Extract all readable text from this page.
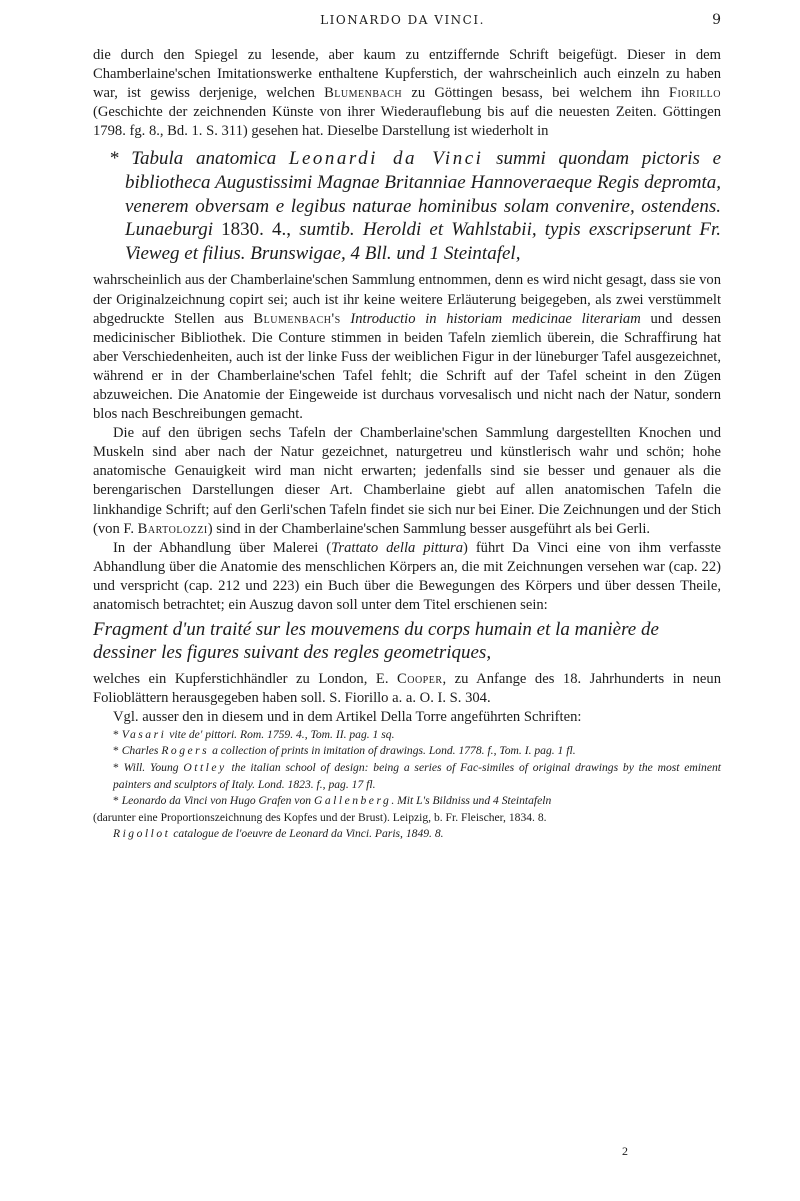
LIONARDO DA VINCI.	9

die durch den Spiegel zu lesende, aber kaum zu entziffernde Schrift beigefügt. Dieser in dem Chamberlaine'schen Imitationswerke enthaltene Kupferstich, der wahrscheinlich auch einzeln zu haben war, ist gewiss derjenige, welchen Blumenbach zu Göttingen besass, bei welchem ihn Fiorillo (Geschichte der zeichnenden Künste von ihrer Wiederauflebung bis auf die neuesten Zeiten. Göttingen 1798. fg. 8., Bd. 1. S. 311) gesehen hat. Dieselbe Darstellung ist wiederholt in

* Tabula anatomica Leonardi da Vinci summi quondam pictoris e bibliotheca Augustissimi Magnae Britanniae Hannoveraeque Regis depromta, venerem obversam e legibus naturae hominibus solam convenire, ostendens. Lunaeburgi 1830. 4., sumtib. Heroldi et Wahlstabii, typis exscripserunt Fr. Vieweg et filius. Brunswigae, 4 Bll. und 1 Steintafel,

wahrscheinlich aus der Chamberlaine'schen Sammlung entnommen, denn es wird nicht gesagt, dass sie von der Originalzeichnung copirt sei; auch ist ihr keine weitere Erläuterung beigegeben, als zwei verstümmelt abgedruckte Stellen aus Blumenbach's Introductio in historiam medicinae literariam und dessen medicinischer Bibliothek. Die Conture stimmen in beiden Tafeln ziemlich überein, die Schraffirung hat aber Verschiedenheiten, auch ist der linke Fuss der weiblichen Figur in der lüneburger Tafel ausgezeichnet, während er in der Chamberlaine'schen Tafel fehlt; die Schrift auf der Tafel scheint in den Zügen abzuweichen. Die Anatomie der Eingeweide ist durchaus vorvesalisch und nicht nach der Natur, sondern blos nach Beschreibungen gemacht.

Die auf den übrigen sechs Tafeln der Chamberlaine'schen Sammlung dargestellten Knochen und Muskeln sind aber nach der Natur gezeichnet, naturgetreu und künstlerisch wahr und schön; hohe anatomische Genauigkeit wird man nicht erwarten; jedenfalls sind sie besser und genauer als die berengarischen Darstellungen dieser Art. Chamberlaine giebt auf allen anatomischen Tafeln die linkhandige Schrift; auf den Gerli'schen Tafeln findet sie sich nur bei Einer. Die Zeichnungen und der Stich (von F. Bartolozzi) sind in der Chamberlaine'schen Sammlung besser ausgeführt als bei Gerli.

In der Abhandlung über Malerei (Trattato della pittura) führt Da Vinci eine von ihm verfasste Abhandlung über die Anatomie des menschlichen Körpers an, die mit Zeichnungen versehen war (cap. 22) und verspricht (cap. 212 und 223) ein Buch über die Bewegungen des Körpers und über dessen Theile, anatomisch betrachtet; ein Auszug davon soll unter dem Titel erschienen sein:

Fragment d'un traité sur les mouvemens du corps humain et la manière de dessiner les figures suivant des regles geometriques,

welches ein Kupferstichhändler zu London, E. Cooper, zu Anfange des 18. Jahrhunderts in neun Folioblättern herausgegeben haben soll. S. Fiorillo a. a. O. I. S. 304.

Vgl. ausser den in diesem und in dem Artikel Della Torre angeführten Schriften:

* Vasari vite de' pittori. Rom. 1759. 4., Tom. II. pag. 1 sq.
* Charles Rogers a collection of prints in imitation of drawings. Lond. 1778. f., Tom. I. pag. 1 fl.
* Will. Young Ottley the italian school of design: being a series of Fac-similes of original drawings by the most eminent painters and sculptors of Italy. Lond. 1823. f., pag. 17 fl.
* Leonardo da Vinci von Hugo Grafen von Gallenberg. Mit L's Bildniss und 4 Steintafeln
(darunter eine Proportionszeichnung des Kopfes und der Brust). Leipzig, b. Fr. Fleischer, 1834. 8.
Rigollot catalogue de l'oeuvre de Leonard da Vinci. Paris, 1849. 8.
2
